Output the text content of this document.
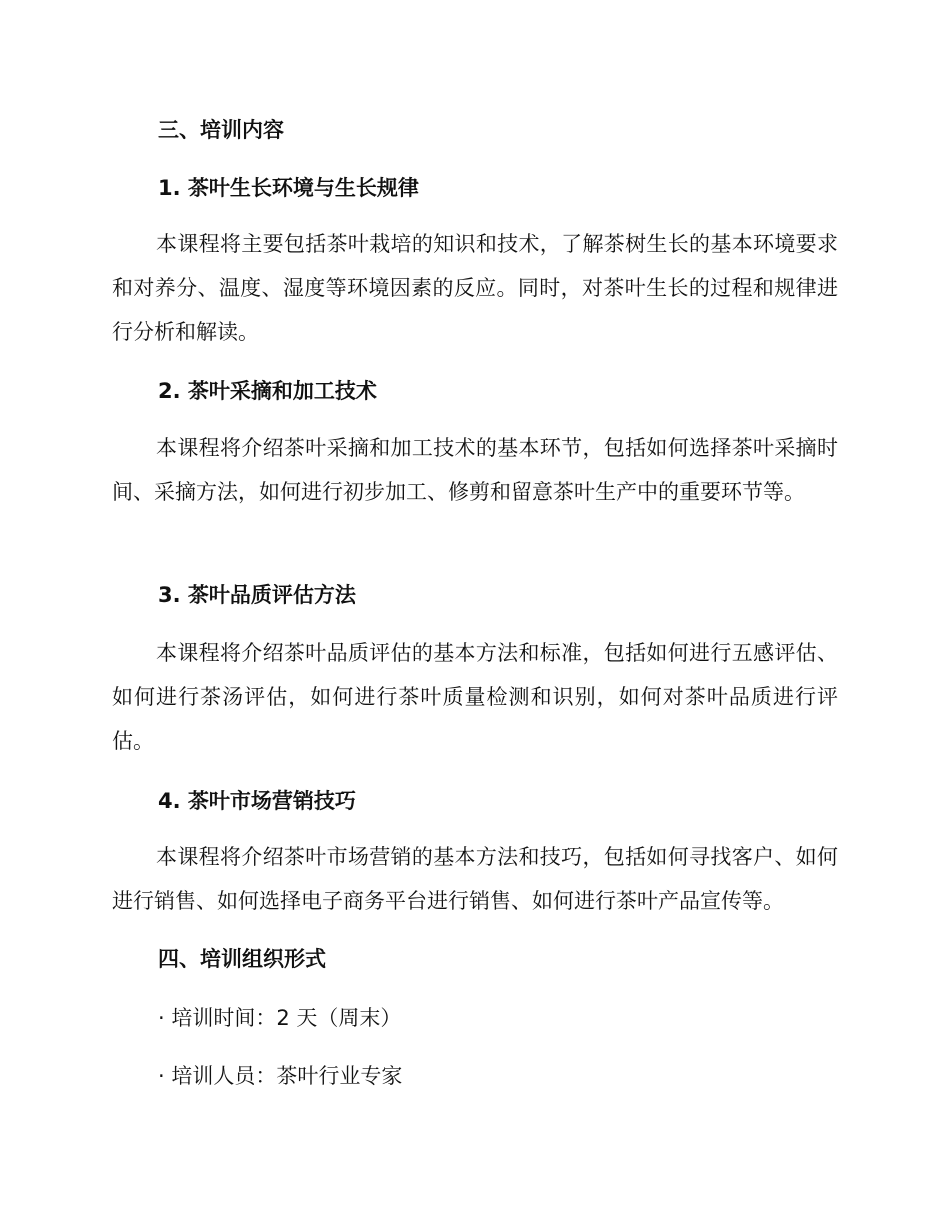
三、培训内容
1. 茶叶生长环境与生长规律
本课程将主要包括茶叶栽培的知识和技术，了解茶树生长的基本环境要求和对养分、温度、湿度等环境因素的反应。同时，对茶叶生长的过程和规律进行分析和解读。
2. 茶叶采摘和加工技术
本课程将介绍茶叶采摘和加工技术的基本环节，包括如何选择茶叶采摘时间、采摘方法，如何进行初步加工、修剪和留意茶叶生产中的重要环节等。
3. 茶叶品质评估方法
本课程将介绍茶叶品质评估的基本方法和标准，包括如何进行五感评估、如何进行茶汤评估，如何进行茶叶质量检测和识别，如何对茶叶品质进行评估。
4. 茶叶市场营销技巧
本课程将介绍茶叶市场营销的基本方法和技巧，包括如何寻找客户、如何进行销售、如何选择电子商务平台进行销售、如何进行茶叶产品宣传等。
四、培训组织形式
· 培训时间：2 天（周末）
· 培训人员：茶叶行业专家
